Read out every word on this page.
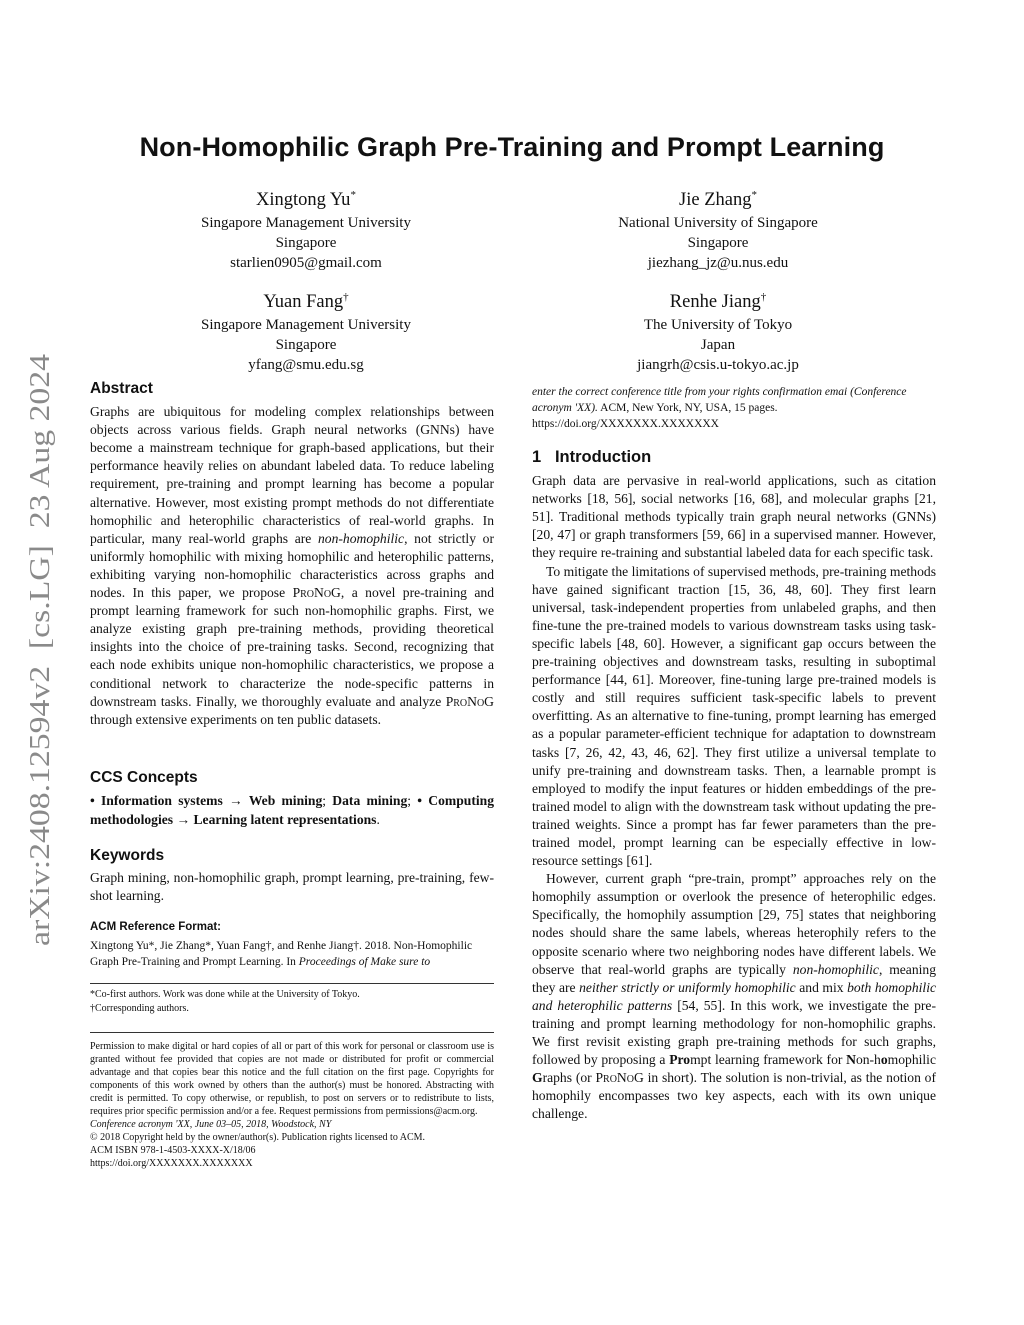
arXiv:2408.12594v2  [cs.LG]  23 Aug 2024
Non-Homophilic Graph Pre-Training and Prompt Learning
Xingtong Yu*
Singapore Management University
Singapore
starlien0905@gmail.com
Jie Zhang*
National University of Singapore
Singapore
jiezhang_jz@u.nus.edu
Yuan Fang†
Singapore Management University
Singapore
yfang@smu.edu.sg
Renhe Jiang†
The University of Tokyo
Japan
jiangrh@csis.u-tokyo.ac.jp
Abstract

Graphs are ubiquitous for modeling complex relationships between objects across various fields. Graph neural networks (GNNs) have become a mainstream technique for graph-based applications, but their performance heavily relies on abundant labeled data. To reduce labeling requirement, pre-training and prompt learning has become a popular alternative. However, most existing prompt methods do not differentiate homophilic and heterophilic characteristics of real-world graphs. In particular, many real-world graphs are non-homophilic, not strictly or uniformly homophilic with mixing homophilic and heterophilic patterns, exhibiting varying non-homophilic characteristics across graphs and nodes. In this paper, we propose ProNoG, a novel pre-training and prompt learning framework for such non-homophilic graphs. First, we analyze existing graph pre-training methods, providing theoretical insights into the choice of pre-training tasks. Second, recognizing that each node exhibits unique non-homophilic characteristics, we propose a conditional network to characterize the node-specific patterns in downstream tasks. Finally, we thoroughly evaluate and analyze ProNoG through extensive experiments on ten public datasets.

CCS Concepts

• Information systems → Web mining; Data mining; • Computing methodologies → Learning latent representations.

Keywords

Graph mining, non-homophilic graph, prompt learning, pre-training, few-shot learning.

ACM Reference Format:

Xingtong Yu*, Jie Zhang*, Yuan Fang†, and Renhe Jiang†. 2018. Non-Homophilic Graph Pre-Training and Prompt Learning. In Proceedings of Make sure to

*Co-first authors. Work was done while at the University of Tokyo.
†Corresponding authors.
Permission to make digital or hard copies of all or part of this work for personal or classroom use is granted without fee provided that copies are not made or distributed for profit or commercial advantage and that copies bear this notice and the full citation on the first page. Copyrights for components of this work owned by others than the author(s) must be honored. Abstracting with credit is permitted. To copy otherwise, or republish, to post on servers or to redistribute to lists, requires prior specific permission and/or a fee. Request permissions from permissions@acm.org.
Conference acronym 'XX, June 03–05, 2018, Woodstock, NY
© 2018 Copyright held by the owner/author(s). Publication rights licensed to ACM.
ACM ISBN 978-1-4503-XXXX-X/18/06
https://doi.org/XXXXXXX.XXXXXXX

enter the correct conference title from your rights confirmation emai (Conference acronym 'XX). ACM, New York, NY, USA, 15 pages. https://doi.org/XXXXXXX.XXXXXXX

1 Introduction

Graph data are pervasive in real-world applications, such as citation networks [18, 56], social networks [16, 68], and molecular graphs [21, 51]. Traditional methods typically train graph neural networks (GNNs) [20, 47] or graph transformers [59, 66] in a supervised manner. However, they require re-training and substantial labeled data for each specific task.

To mitigate the limitations of supervised methods, pre-training methods have gained significant traction [15, 36, 48, 60]. They first learn universal, task-independent properties from unlabeled graphs, and then fine-tune the pre-trained models to various downstream tasks using task-specific labels [48, 60]. However, a significant gap occurs between the pre-training objectives and downstream tasks, resulting in suboptimal performance [44, 61]. Moreover, fine-tuning large pre-trained models is costly and still requires sufficient task-specific labels to prevent overfitting. As an alternative to fine-tuning, prompt learning has emerged as a popular parameter-efficient technique for adaptation to downstream tasks [7, 26, 42, 43, 46, 62]. They first utilize a universal template to unify pre-training and downstream tasks. Then, a learnable prompt is employed to modify the input features or hidden embeddings of the pre-trained model to align with the downstream task without updating the pre-trained weights. Since a prompt has far fewer parameters than the pre-trained model, prompt learning can be especially effective in low-resource settings [61].

However, current graph “pre-train, prompt” approaches rely on the homophily assumption or overlook the presence of heterophilic edges. Specifically, the homophily assumption [29, 75] states that neighboring nodes should share the same labels, whereas heterophily refers to the opposite scenario where two neighboring nodes have different labels. We observe that real-world graphs are typically non-homophilic, meaning they are neither strictly or uniformly homophilic and mix both homophilic and heterophilic patterns [54, 55]. In this work, we investigate the pre-training and prompt learning methodology for non-homophilic graphs. We first revisit existing graph pre-training methods for such graphs, followed by proposing a Prompt learning framework for Non-homophilic Graphs (or ProNoG in short). The solution is non-trivial, as the notion of homophily encompasses two key aspects, each with its own unique challenge.
